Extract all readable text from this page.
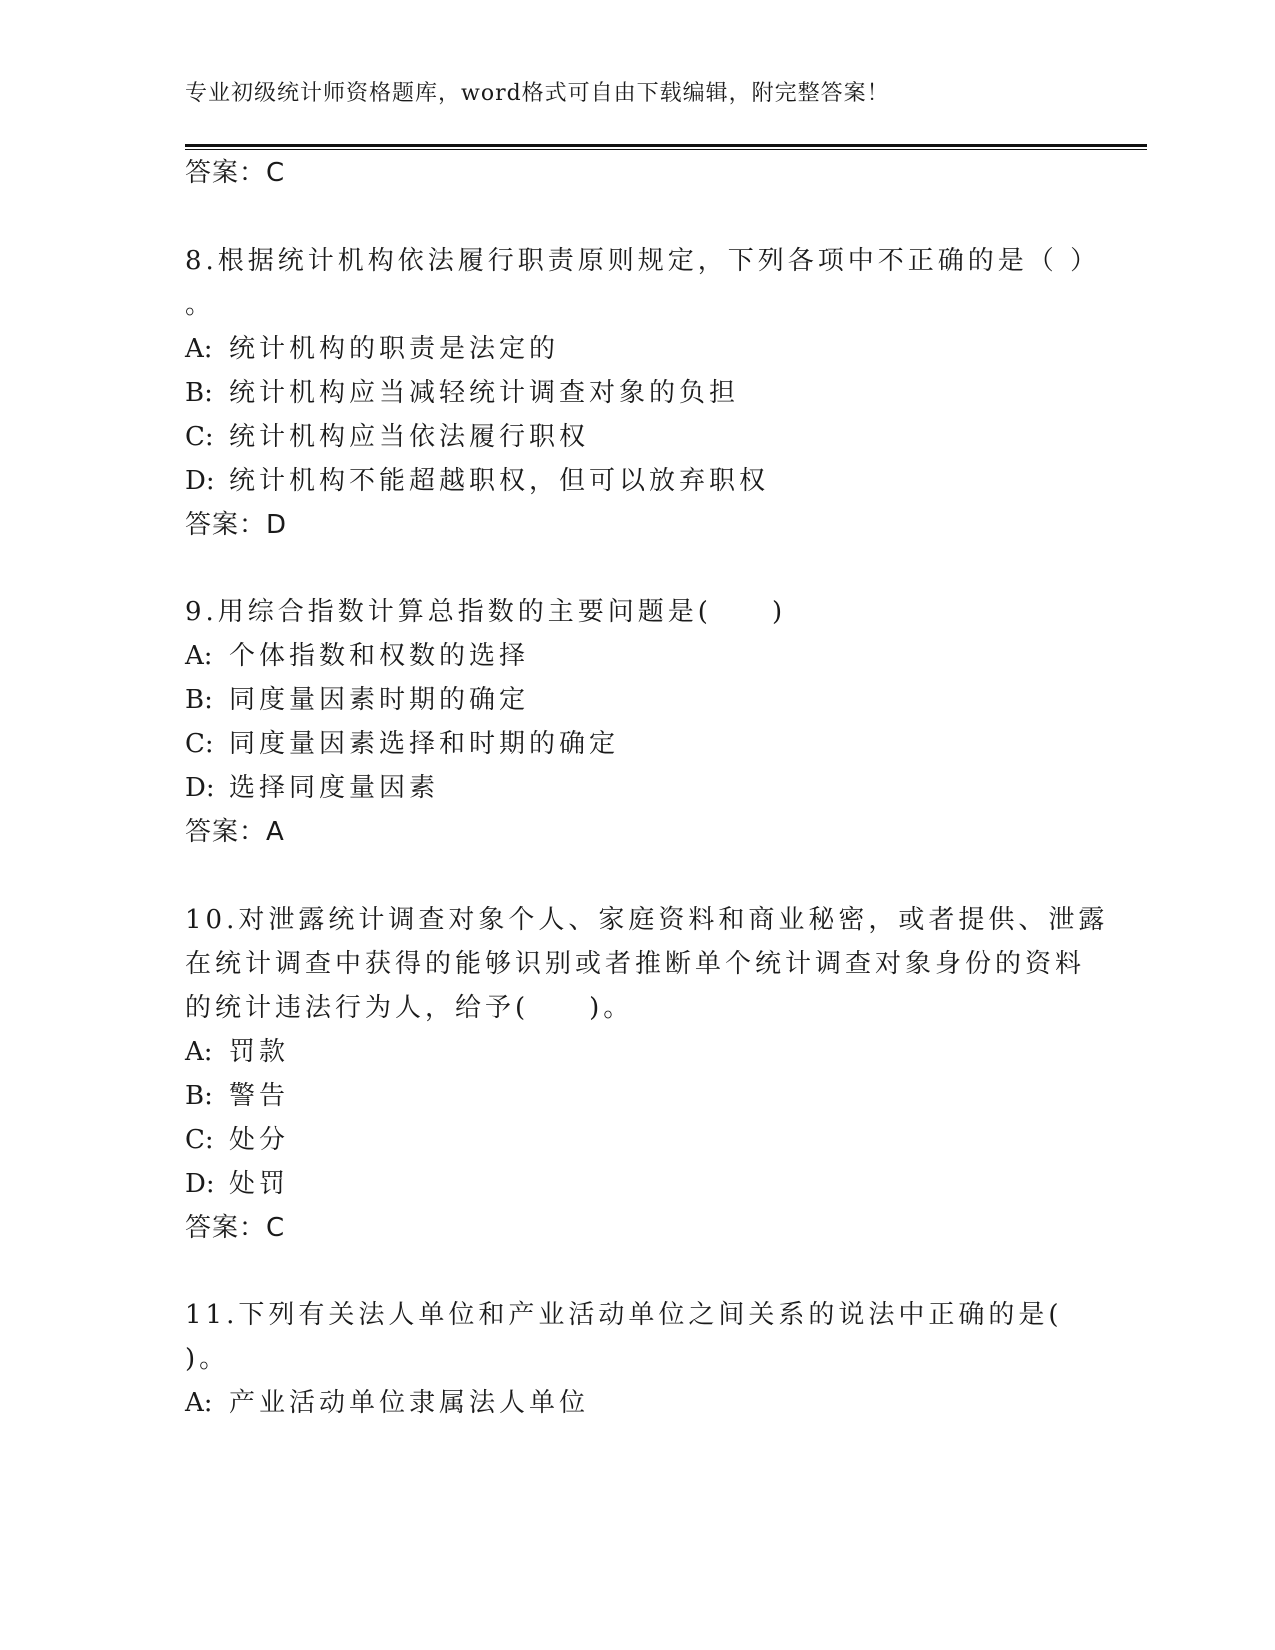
专业初级统计师资格题库，word格式可自由下载编辑，附完整答案！
答案：C
8.根据统计机构依法履行职责原则规定，下列各项中不正确的是（ ）
。
A: 统计机构的职责是法定的
B: 统计机构应当减轻统计调查对象的负担
C: 统计机构应当依法履行职权
D: 统计机构不能超越职权，但可以放弃职权
答案：D
9.用综合指数计算总指数的主要问题是(　　)
A: 个体指数和权数的选择
B: 同度量因素时期的确定
C: 同度量因素选择和时期的确定
D: 选择同度量因素
答案：A
10.对泄露统计调查对象个人、家庭资料和商业秘密，或者提供、泄露
在统计调查中获得的能够识别或者推断单个统计调查对象身份的资料
的统计违法行为人，给予(　　)。
A: 罚款
B: 警告
C: 处分
D: 处罚
答案：C
11.下列有关法人单位和产业活动单位之间关系的说法中正确的是(
)。
A: 产业活动单位隶属法人单位
